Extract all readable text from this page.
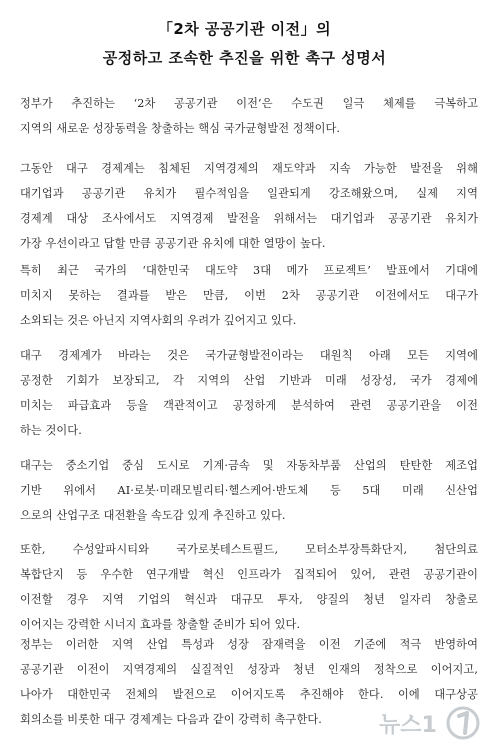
「2차 공공기관 이전」의
공정하고 조속한 추진을 위한 촉구 성명서
정부가 추진하는 ‘2차 공공기관 이전’은 수도권 일극 체제를 극복하고
지역의 새로운 성장동력을 창출하는 핵심 국가균형발전 정책이다.
그동안 대구 경제계는 침체된 지역경제의 재도약과 지속 가능한 발전을 위해
대기업과 공공기관 유치가 필수적임을 일관되게 강조해왔으며, 실제 지역
경제계 대상 조사에서도 지역경제 발전을 위해서는 대기업과 공공기관 유치가
가장 우선이라고 답할 만큼 공공기관 유치에 대한 열망이 높다.
특히 최근 국가의 ‘대한민국 대도약 3대 메가 프로젝트’ 발표에서 기대에
미치지 못하는 결과를 받은 만큼, 이번 2차 공공기관 이전에서도 대구가
소외되는 것은 아닌지 지역사회의 우려가 깊어지고 있다.
대구 경제계가 바라는 것은 국가균형발전이라는 대원칙 아래 모든 지역에
공정한 기회가 보장되고, 각 지역의 산업 기반과 미래 성장성, 국가 경제에
미치는 파급효과 등을 객관적이고 공정하게 분석하여 관련 공공기관을 이전
하는 것이다.
대구는 중소기업 중심 도시로 기계·금속 및 자동차부품 산업의 탄탄한 제조업
기반 위에서 AI·로봇·미래모빌리티·헬스케어·반도체 등 5대 미래 신산업
으로의 산업구조 대전환을 속도감 있게 추진하고 있다.
또한, 수성알파시티와 국가로봇테스트필드, 모터소부장특화단지, 첨단의료
복합단지 등 우수한 연구개발 혁신 인프라가 집적되어 있어, 관련 공공기관이
이전할 경우 지역 기업의 혁신과 대규모 투자, 양질의 청년 일자리 창출로
이어지는 강력한 시너지 효과를 창출할 준비가 되어 있다.
정부는 이러한 지역 산업 특성과 성장 잠재력을 이전 기준에 적극 반영하여
공공기관 이전이 지역경제의 실질적인 성장과 청년 인재의 정착으로 이어지고,
나아가 대한민국 전체의 발전으로 이어지도록 추진해야 한다. 이에 대구상공
회의소를 비롯한 대구 경제계는 다음과 같이 강력히 촉구한다.	뉴스1
